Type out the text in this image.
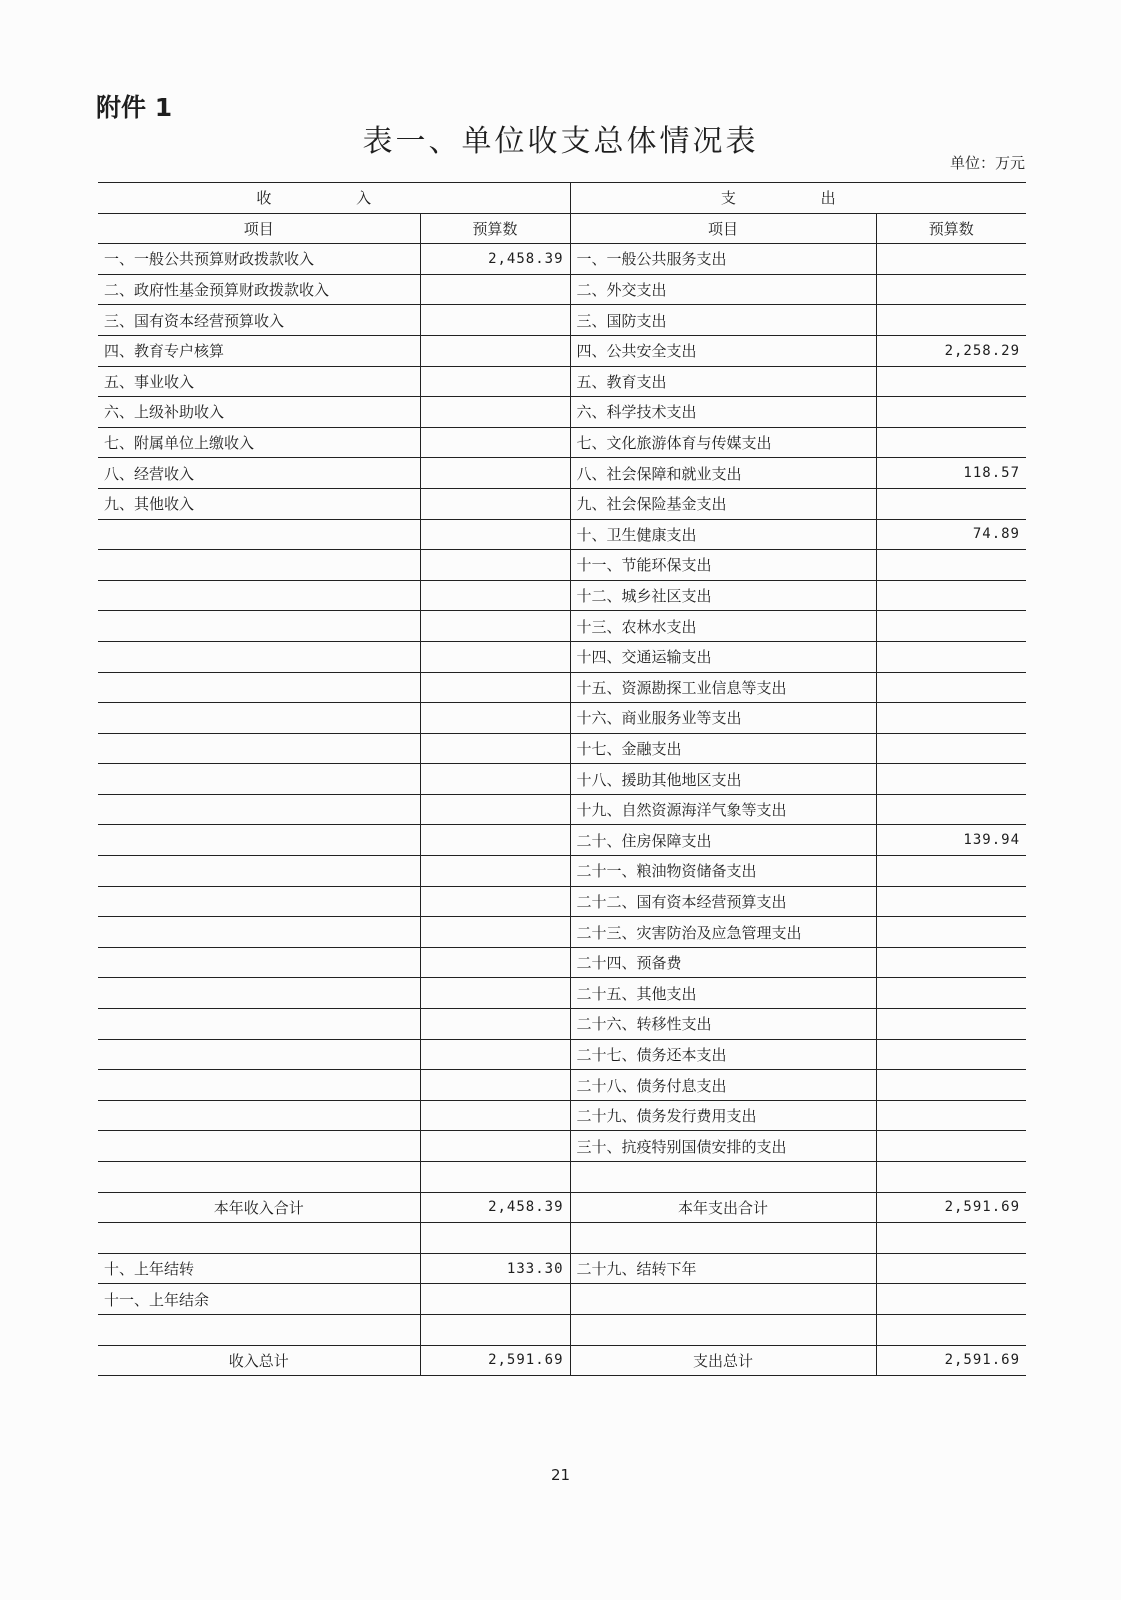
附件 1
表一、单位收支总体情况表
单位：万元
收 入		支 出	
项目	预算数	项目	预算数
一、一般公共预算财政拨款收入	2,458.39	一、一般公共服务支出	
二、政府性基金预算财政拨款收入		二、外交支出	
三、国有资本经营预算收入		三、国防支出	
四、教育专户核算		四、公共安全支出	2,258.29
五、事业收入		五、教育支出	
六、上级补助收入		六、科学技术支出	
七、附属单位上缴收入		七、文化旅游体育与传媒支出	
八、经营收入		八、社会保障和就业支出	118.57
九、其他收入		九、社会保险基金支出	
		十、卫生健康支出	74.89
		十一、节能环保支出	
		十二、城乡社区支出	
		十三、农林水支出	
		十四、交通运输支出	
		十五、资源勘探工业信息等支出	
		十六、商业服务业等支出	
		十七、金融支出	
		十八、援助其他地区支出	
		十九、自然资源海洋气象等支出	
		二十、住房保障支出	139.94
		二十一、粮油物资储备支出	
		二十二、国有资本经营预算支出	
		二十三、灾害防治及应急管理支出	
		二十四、预备费	
		二十五、其他支出	
		二十六、转移性支出	
		二十七、债务还本支出	
		二十八、债务付息支出	
		二十九、债务发行费用支出	
		三十、抗疫特别国债安排的支出	

本年收入合计	2,458.39	本年支出合计	2,591.69

十、上年结转	133.30	二十九、结转下年	
十一、上年结余			

收入总计	2,591.69	支出总计	2,591.69
21
